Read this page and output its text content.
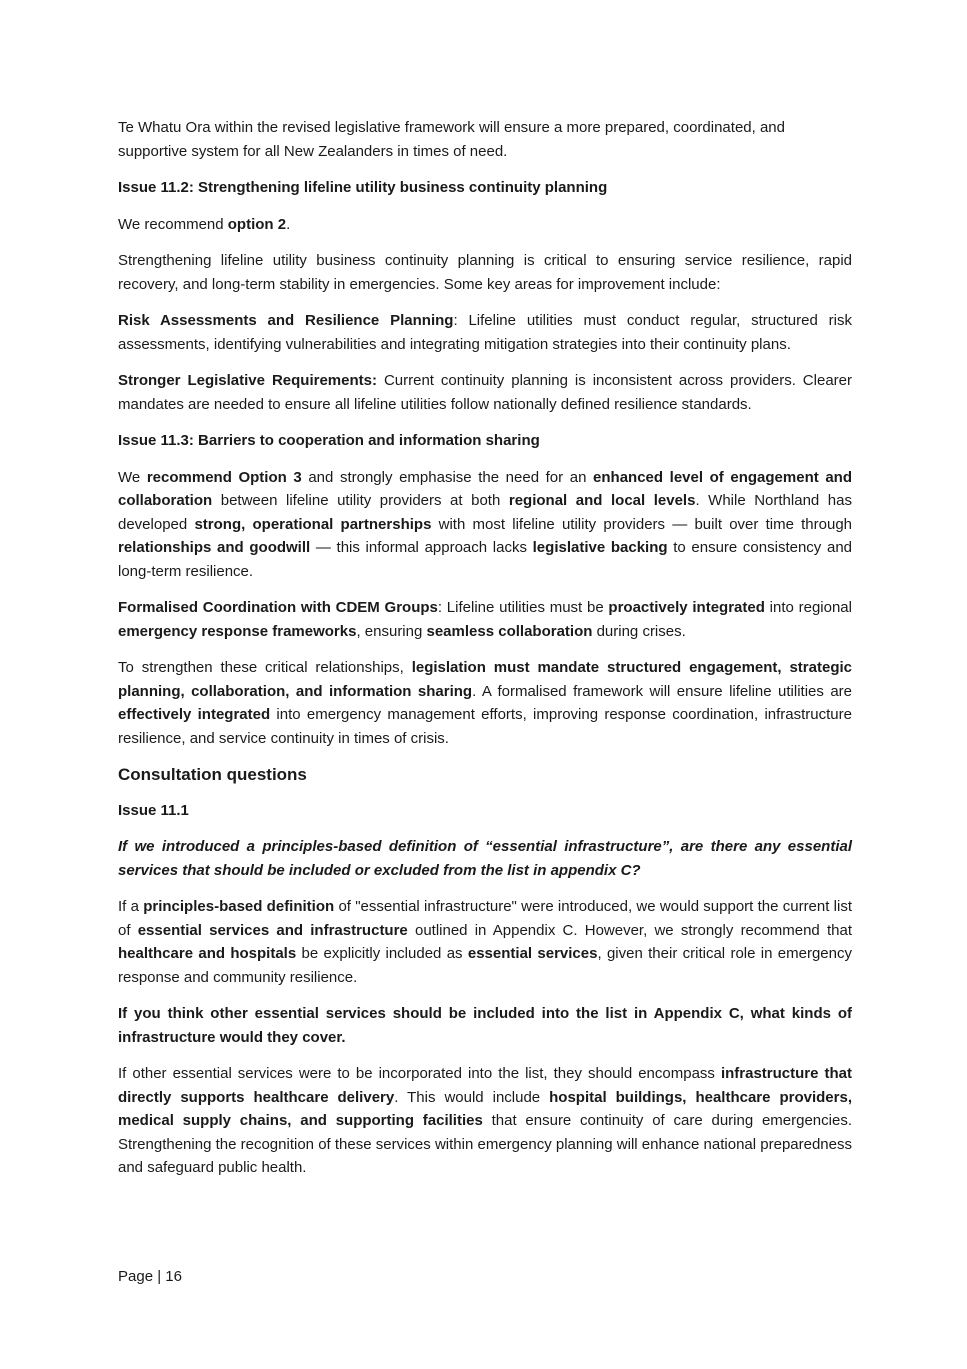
Te Whatu Ora within the revised legislative framework will ensure a more prepared, coordinated, and supportive system for all New Zealanders in times of need.

Issue 11.2: Strengthening lifeline utility business continuity planning

We recommend option 2.

Strengthening lifeline utility business continuity planning is critical to ensuring service resilience, rapid recovery, and long-term stability in emergencies. Some key areas for improvement include:

Risk Assessments and Resilience Planning: Lifeline utilities must conduct regular, structured risk assessments, identifying vulnerabilities and integrating mitigation strategies into their continuity plans.

Stronger Legislative Requirements: Current continuity planning is inconsistent across providers. Clearer mandates are needed to ensure all lifeline utilities follow nationally defined resilience standards.

Issue 11.3: Barriers to cooperation and information sharing

We recommend Option 3 and strongly emphasise the need for an enhanced level of engagement and collaboration between lifeline utility providers at both regional and local levels. While Northland has developed strong, operational partnerships with most lifeline utility providers — built over time through relationships and goodwill — this informal approach lacks legislative backing to ensure consistency and long-term resilience.

Formalised Coordination with CDEM Groups: Lifeline utilities must be proactively integrated into regional emergency response frameworks, ensuring seamless collaboration during crises.

To strengthen these critical relationships, legislation must mandate structured engagement, strategic planning, collaboration, and information sharing. A formalised framework will ensure lifeline utilities are effectively integrated into emergency management efforts, improving response coordination, infrastructure resilience, and service continuity in times of crisis.

Consultation questions

Issue 11.1

If we introduced a principles-based definition of “essential infrastructure”, are there any essential services that should be included or excluded from the list in appendix C?

If a principles-based definition of "essential infrastructure" were introduced, we would support the current list of essential services and infrastructure outlined in Appendix C. However, we strongly recommend that healthcare and hospitals be explicitly included as essential services, given their critical role in emergency response and community resilience.

If you think other essential services should be included into the list in Appendix C, what kinds of infrastructure would they cover.

If other essential services were to be incorporated into the list, they should encompass infrastructure that directly supports healthcare delivery. This would include hospital buildings, healthcare providers, medical supply chains, and supporting facilities that ensure continuity of care during emergencies. Strengthening the recognition of these services within emergency planning will enhance national preparedness and safeguard public health.

Page | 16
